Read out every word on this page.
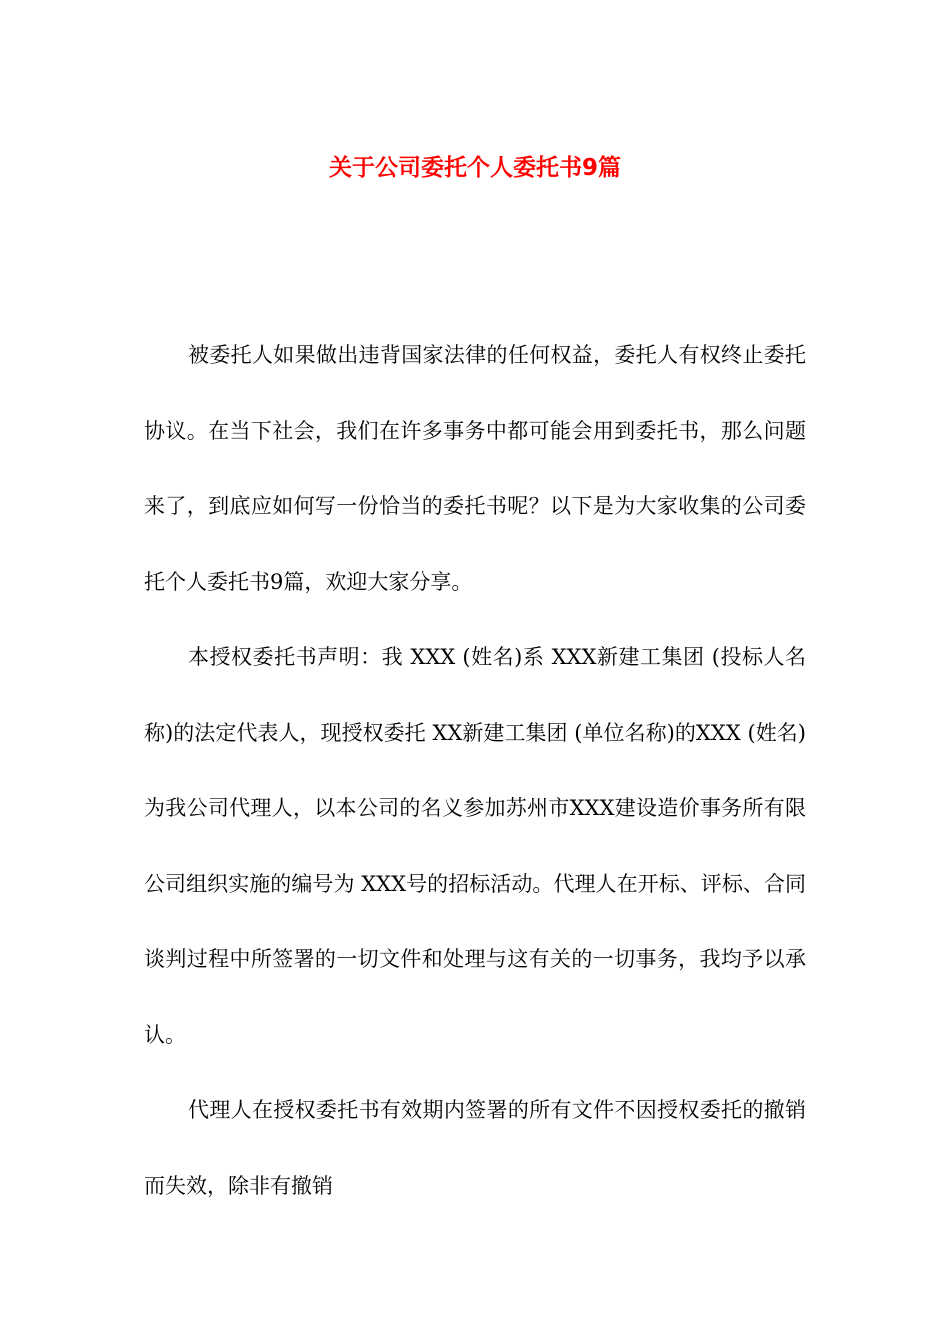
关于公司委托个人委托书9篇

被委托人如果做出违背国家法律的任何权益，委托人有权终止委托协议。在当下社会，我们在许多事务中都可能会用到委托书，那么问题来了，到底应如何写一份恰当的委托书呢？以下是为大家收集的公司委托个人委托书9篇，欢迎大家分享。

本授权委托书声明：我 XXX (姓名)系 XXX新建工集团 (投标人名称)的法定代表人，现授权委托 XX新建工集团 (单位名称)的XXX (姓名)为我公司代理人，以本公司的名义参加苏州市XXX建设造价事务所有限公司组织实施的编号为 XXX号的招标活动。代理人在开标、评标、合同谈判过程中所签署的一切文件和处理与这有关的一切事务，我均予以承认。

代理人在授权委托书有效期内签署的所有文件不因授权委托的撤销而失效，除非有撤销
